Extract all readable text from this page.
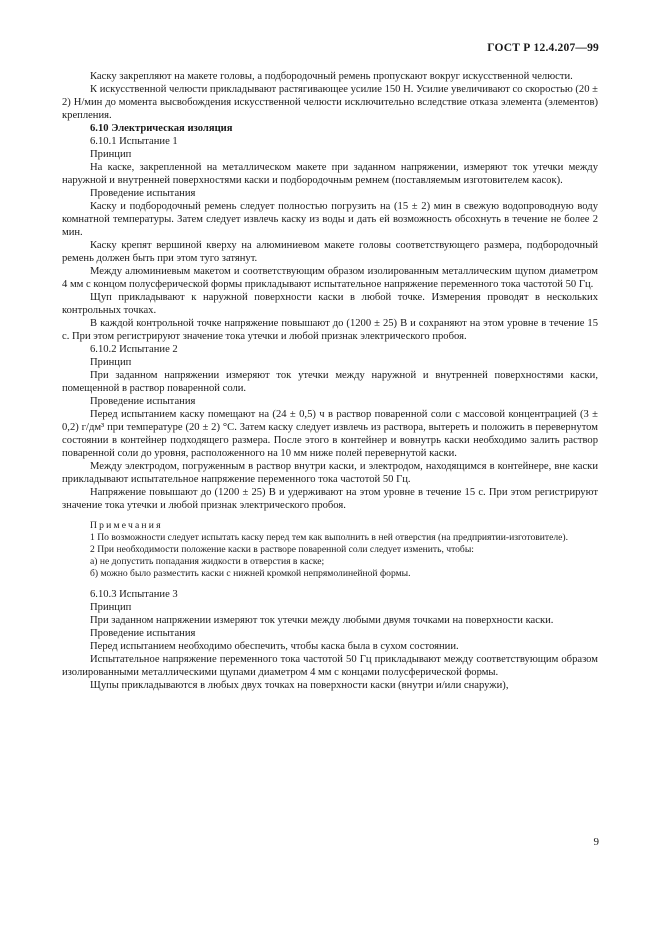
ГОСТ Р 12.4.207—99

Каску закрепляют на макете головы, а подбородочный ремень пропускают вокруг искусственной челюсти.

К искусственной челюсти прикладывают растягивающее усилие 150 Н. Усилие увеличивают со скоростью (20 ± 2) Н/мин до момента высвобождения искусственной челюсти исключительно вследствие отказа элемента (элементов) крепления.

6.10 Электрическая изоляция

6.10.1 Испытание 1

Принцип

На каске, закрепленной на металлическом макете при заданном напряжении, измеряют ток утечки между наружной и внутренней поверхностями каски и подбородочным ремнем (поставляемым изготовителем касок).

Проведение испытания

Каску и подбородочный ремень следует полностью погрузить на (15 ± 2) мин в свежую водопроводную воду комнатной температуры. Затем следует извлечь каску из воды и дать ей возможность обсохнуть в течение не более 2 мин.

Каску крепят вершиной кверху на алюминиевом макете головы соответствующего размера, подбородочный ремень должен быть при этом туго затянут.

Между алюминиевым макетом и соответствующим образом изолированным металлическим щупом диаметром 4 мм с концом полусферической формы прикладывают испытательное напряжение переменного тока частотой 50 Гц.

Щуп прикладывают к наружной поверхности каски в любой точке. Измерения проводят в нескольких контрольных точках.

В каждой контрольной точке напряжение повышают до (1200 ± 25) В и сохраняют на этом уровне в течение 15 с. При этом регистрируют значение тока утечки и любой признак электрического пробоя.

6.10.2 Испытание 2

Принцип

При заданном напряжении измеряют ток утечки между наружной и внутренней поверхностями каски, помещенной в раствор поваренной соли.

Проведение испытания

Перед испытанием каску помещают на (24 ± 0,5) ч в раствор поваренной соли с массовой концентрацией (3 ± 0,2) г/дм³ при температуре (20 ± 2) °С. Затем каску следует извлечь из раствора, вытереть и положить в перевернутом состоянии в контейнер подходящего размера. После этого в контейнер и вовнутрь каски необходимо залить раствор поваренной соли до уровня, расположенного на 10 мм ниже полей перевернутой каски.

Между электродом, погруженным в раствор внутри каски, и электродом, находящимся в контейнере, вне каски прикладывают испытательное напряжение переменного тока частотой 50 Гц.

Напряжение повышают до (1200 ± 25) В и удерживают на этом уровне в течение 15 с. При этом регистрируют значение тока утечки и любой признак электрического пробоя.

Примечания

1 По возможности следует испытать каску перед тем как выполнить в ней отверстия (на предприятии-изготовителе).

2 При необходимости положение каски в растворе поваренной соли следует изменить, чтобы:

а) не допустить попадания жидкости в отверстия в каске;

б) можно было разместить каски с нижней кромкой непрямолинейной формы.

6.10.3 Испытание 3

Принцип

При заданном напряжении измеряют ток утечки между любыми двумя точками на поверхности каски.

Проведение испытания

Перед испытанием необходимо обеспечить, чтобы каска была в сухом состоянии.

Испытательное напряжение переменного тока частотой 50 Гц прикладывают между соответствующим образом изолированными металлическими щупами диаметром 4 мм с концами полусферической формы.

Щупы прикладываются в любых двух точках на поверхности каски (внутри и/или снаружи),

9
